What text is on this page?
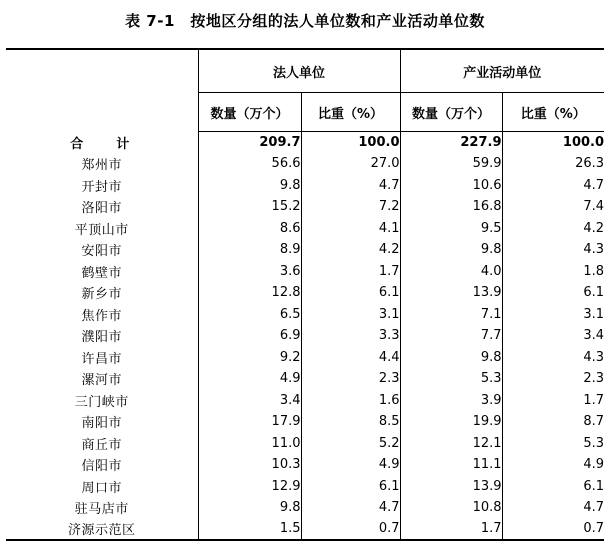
表 7-1　按地区分组的法人单位数和产业活动单位数
	法人单位		产业活动单位	
	数量（万个）	比重（%）	数量（万个）	比重（%）
合　计	209.7	100.0	227.9	100.0
郑州市	56.6	27.0	59.9	26.3
开封市	9.8	4.7	10.6	4.7
洛阳市	15.2	7.2	16.8	7.4
平顶山市	8.6	4.1	9.5	4.2
安阳市	8.9	4.2	9.8	4.3
鹤壁市	3.6	1.7	4.0	1.8
新乡市	12.8	6.1	13.9	6.1
焦作市	6.5	3.1	7.1	3.1
濮阳市	6.9	3.3	7.7	3.4
许昌市	9.2	4.4	9.8	4.3
漯河市	4.9	2.3	5.3	2.3
三门峡市	3.4	1.6	3.9	1.7
南阳市	17.9	8.5	19.9	8.7
商丘市	11.0	5.2	12.1	5.3
信阳市	10.3	4.9	11.1	4.9
周口市	12.9	6.1	13.9	6.1
驻马店市	9.8	4.7	10.8	4.7
济源示范区	1.5	0.7	1.7	0.7
